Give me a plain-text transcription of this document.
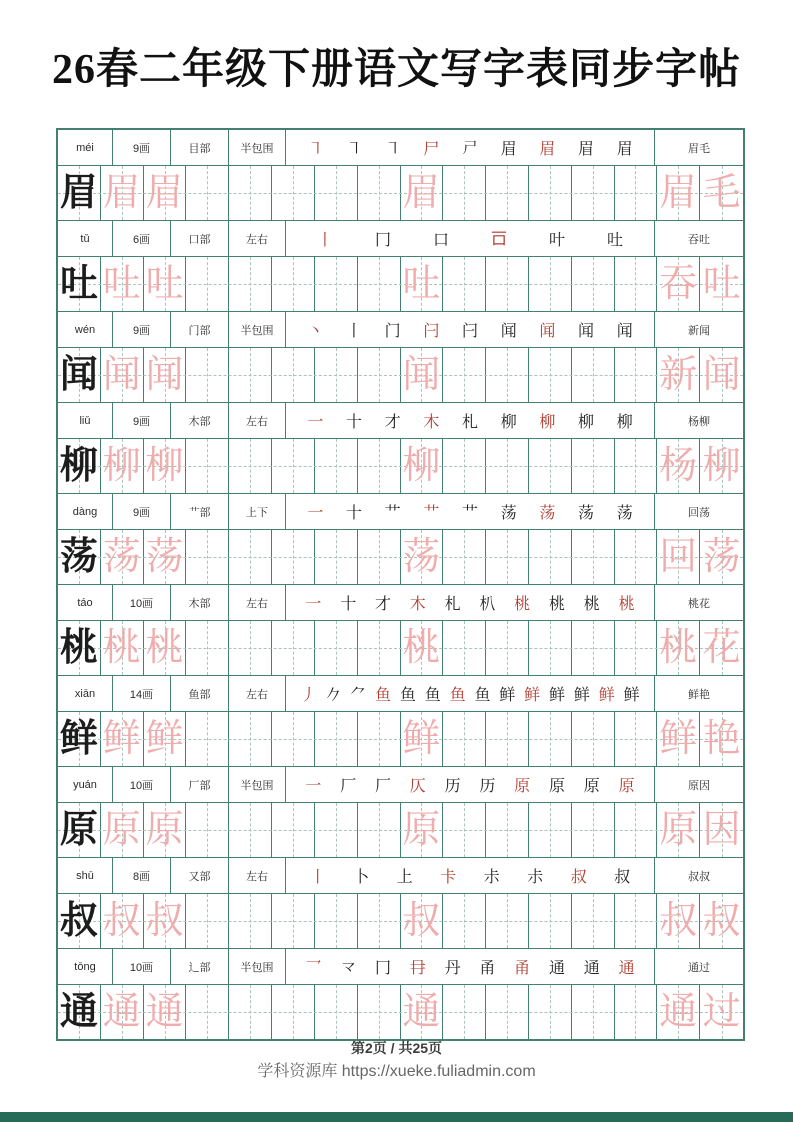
26春二年级下册语文写字表同步字帖
méi	9画	目部	半包围	㇕	㇕	㇕	尸	𡰣	眉	眉	眉	眉	眉毛
眉 眉 眉	眉	眉 毛
tǔ	6画	口部	左右	丨	冂	口	𠮛	叶	吐	吞吐
吐 吐 吐	吐	吞 吐
wén	9画	门部	半包围	丶	丨	门	闩	闩	闻	闻	闻	闻	新闻
闻 闻 闻	闻	新 闻
liǔ	9画	木部	左右	一	十	才	木	札	柳	柳	柳	柳	杨柳
柳 柳 柳	柳	杨 柳
dàng	9画	艹部	上下	一	十	艹	艹	艹	荡	荡	荡	荡	回荡
荡 荡 荡	荡	回 荡
táo	10画	木部	左右	一	十	才	木	札	朳	桃	桃	桃	桃	桃花
桃 桃 桃	桃	桃 花
xiān	14画	鱼部	左右	丿 𠂊 ⺈ 鱼 鱼 鱼 鱼 鱼 鲜 鲜 鲜 鲜 鲜 鲜	鲜艳
鲜 鲜 鲜	鲜	鲜 艳
yuán	10画	厂部	半包围	一	厂	厂	仄	历	历	原	原	原	原	原因
原 原 原	原	原 因
shū	8画	又部	左右	丨	卜	上	卡	尗	尗	叔	叔	叔叔
叔 叔 叔	叔	叔 叔
tōng	10画	辶部	半包围	乛	龴	冂	冄	丹	甬	甬	通	通	通	通过
通 通 通	通	通 过
第2页 / 共25页
学科资源库 https://xueke.fuliadmin.com
